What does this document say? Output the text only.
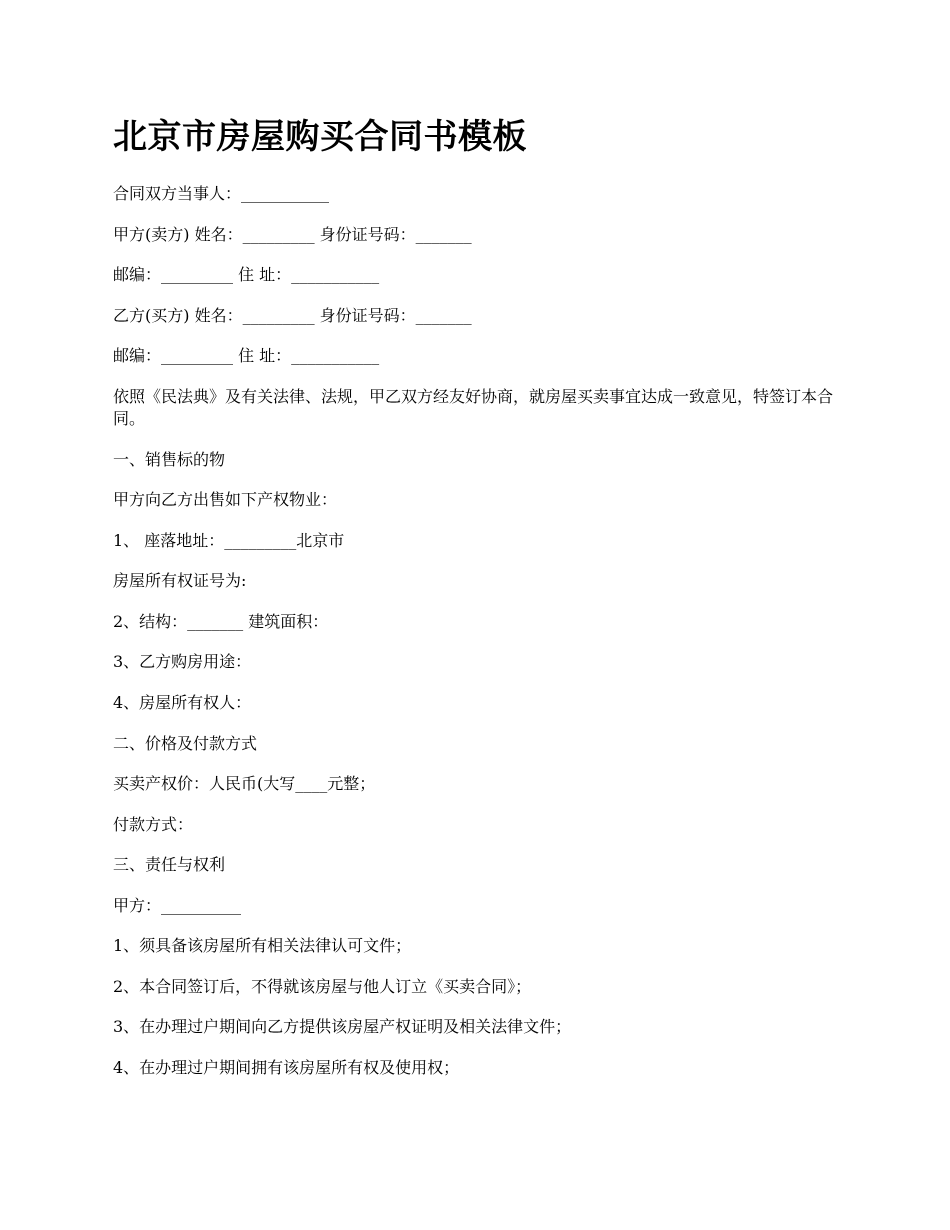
北京市房屋购买合同书模板

合同双方当事人：___________

甲方(卖方) 姓名：_________ 身份证号码：_______

邮编：_________ 住 址：___________

乙方(买方) 姓名：_________ 身份证号码：_______

邮编：_________ 住 址：___________

依照《民法典》及有关法律、法规，甲乙双方经友好协商，就房屋买卖事宜达成一致意见，特签订本合同。

一、销售标的物

甲方向乙方出售如下产权物业：

1、 座落地址：_________北京市

房屋所有权证号为:

2、结构：_______ 建筑面积：

3、乙方购房用途：

4、房屋所有权人：

二、价格及付款方式

买卖产权价：人民币(大写____元整；

付款方式：

三、责任与权利

甲方：__________

1、须具备该房屋所有相关法律认可文件；

2、本合同签订后，不得就该房屋与他人订立《买卖合同》；

3、在办理过户期间向乙方提供该房屋产权证明及相关法律文件；

4、在办理过户期间拥有该房屋所有权及使用权；
